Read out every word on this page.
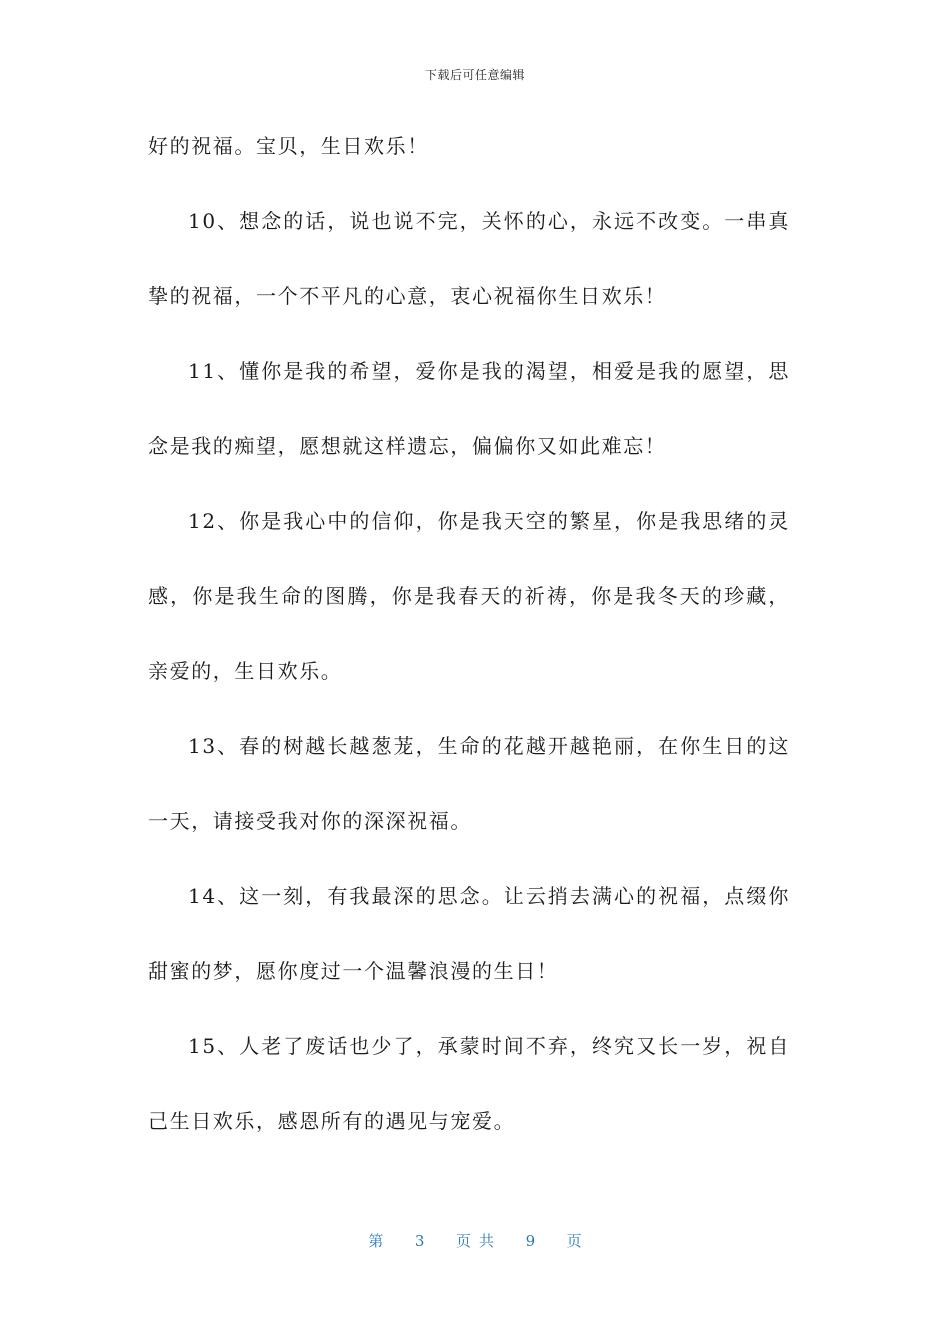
下载后可任意编辑
好的祝福。宝贝，生日欢乐！
10、想念的话，说也说不完，关怀的心，永远不改变。一串真
挚的祝福，一个不平凡的心意，衷心祝福你生日欢乐！
11、懂你是我的希望，爱你是我的渴望，相爱是我的愿望，思
念是我的痴望，愿想就这样遗忘，偏偏你又如此难忘！
12、你是我心中的信仰，你是我天空的繁星，你是我思绪的灵
感，你是我生命的图腾，你是我春天的祈祷，你是我冬天的珍藏，
亲爱的，生日欢乐。
13、春的树越长越葱茏，生命的花越开越艳丽，在你生日的这
一天，请接受我对你的深深祝福。
14、这一刻，有我最深的思念。让云捎去满心的祝福，点缀你
甜蜜的梦，愿你度过一个温馨浪漫的生日！
15、人老了废话也少了，承蒙时间不弃，终究又长一岁，祝自
己生日欢乐，感恩所有的遇见与宠爱。
第 3 页共 9 页
